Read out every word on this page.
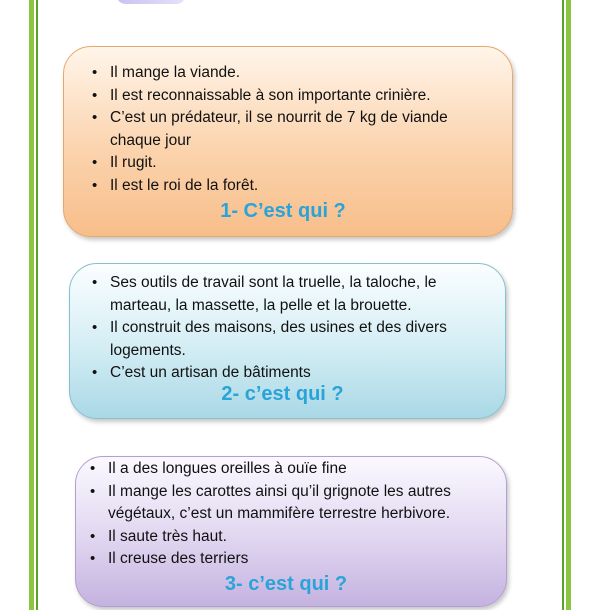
• Il mange la viande.
• Il est reconnaissable à son importante crinière.
• C’est un prédateur, il se nourrit de 7 kg de viande chaque jour
• Il rugit.
• Il est le roi de la forêt.
1- C’est qui ?
• Ses outils de travail sont la truelle, la taloche, le marteau, la massette, la pelle et la brouette.
• Il construit des maisons, des usines et des divers logements.
• C’est un artisan de bâtiments
2- c’est qui ?
• Il a des longues oreilles à ouïe fine
• Il mange les carottes ainsi qu’il grignote les autres végétaux, c’est un mammifère terrestre herbivore.
• Il saute très haut.
• Il creuse des terriers
3- c’est qui ?
